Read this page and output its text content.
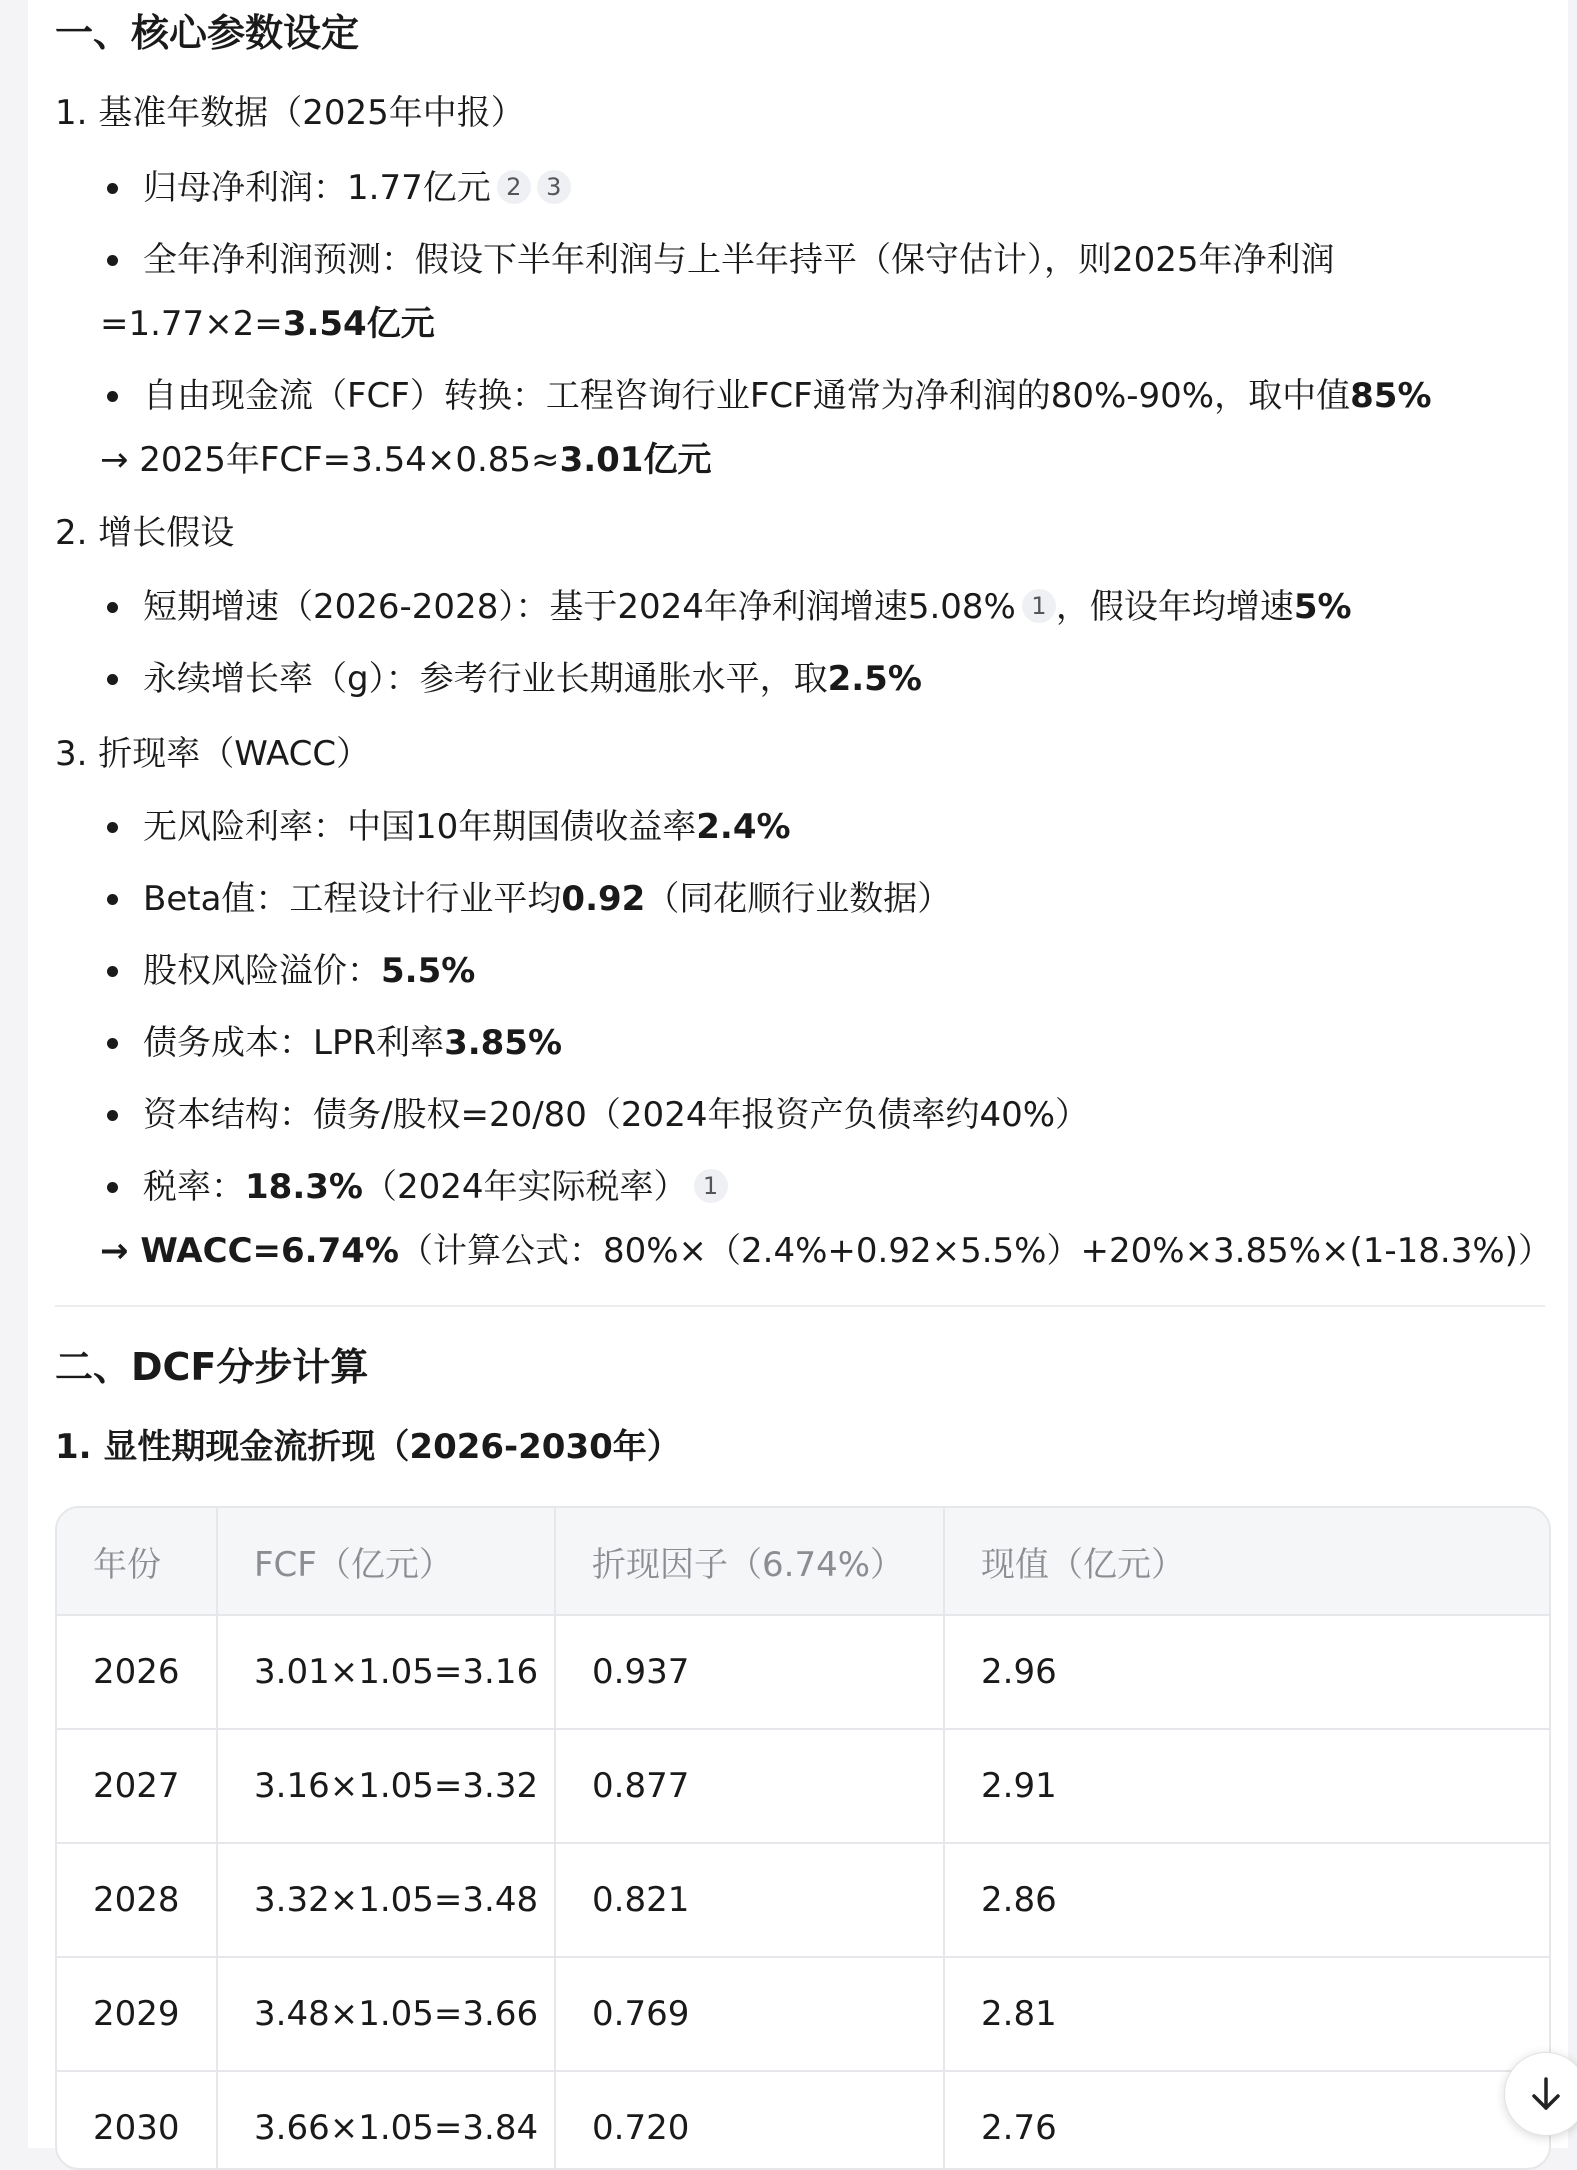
一、核心参数设定
1. 基准年数据（2025年中报）
归母净利润：1.77亿元 2 3
全年净利润预测：假设下半年利润与上半年持平（保守估计），则2025年净利润
=1.77×2=3.54亿元
自由现金流（FCF）转换：工程咨询行业FCF通常为净利润的80%-90%，取中值85%
→ 2025年FCF=3.54×0.85≈3.01亿元
2. 增长假设
短期增速（2026-2028）：基于2024年净利润增速5.08% 1 ，假设年均增速5%
永续增长率（g）：参考行业长期通胀水平，取2.5%
3. 折现率（WACC）
无风险利率：中国10年期国债收益率2.4%
Beta值：工程设计行业平均0.92（同花顺行业数据）
股权风险溢价：5.5%
债务成本：LPR利率3.85%
资本结构：债务/股权=20/80（2024年报资产负债率约40%）
税率：18.3%（2024年实际税率） 1
→ WACC=6.74%（计算公式：80%×（2.4%+0.92×5.5%）+20%×3.85%×(1-18.3%)）
二、DCF分步计算
1. 显性期现金流折现（2026-2030年）
年份	FCF（亿元）	折现因子（6.74%）	现值（亿元）
2026	3.01×1.05=3.16	0.937	2.96
2027	3.16×1.05=3.32	0.877	2.91
2028	3.32×1.05=3.48	0.821	2.86
2029	3.48×1.05=3.66	0.769	2.81
2030	3.66×1.05=3.84	0.720	2.76
